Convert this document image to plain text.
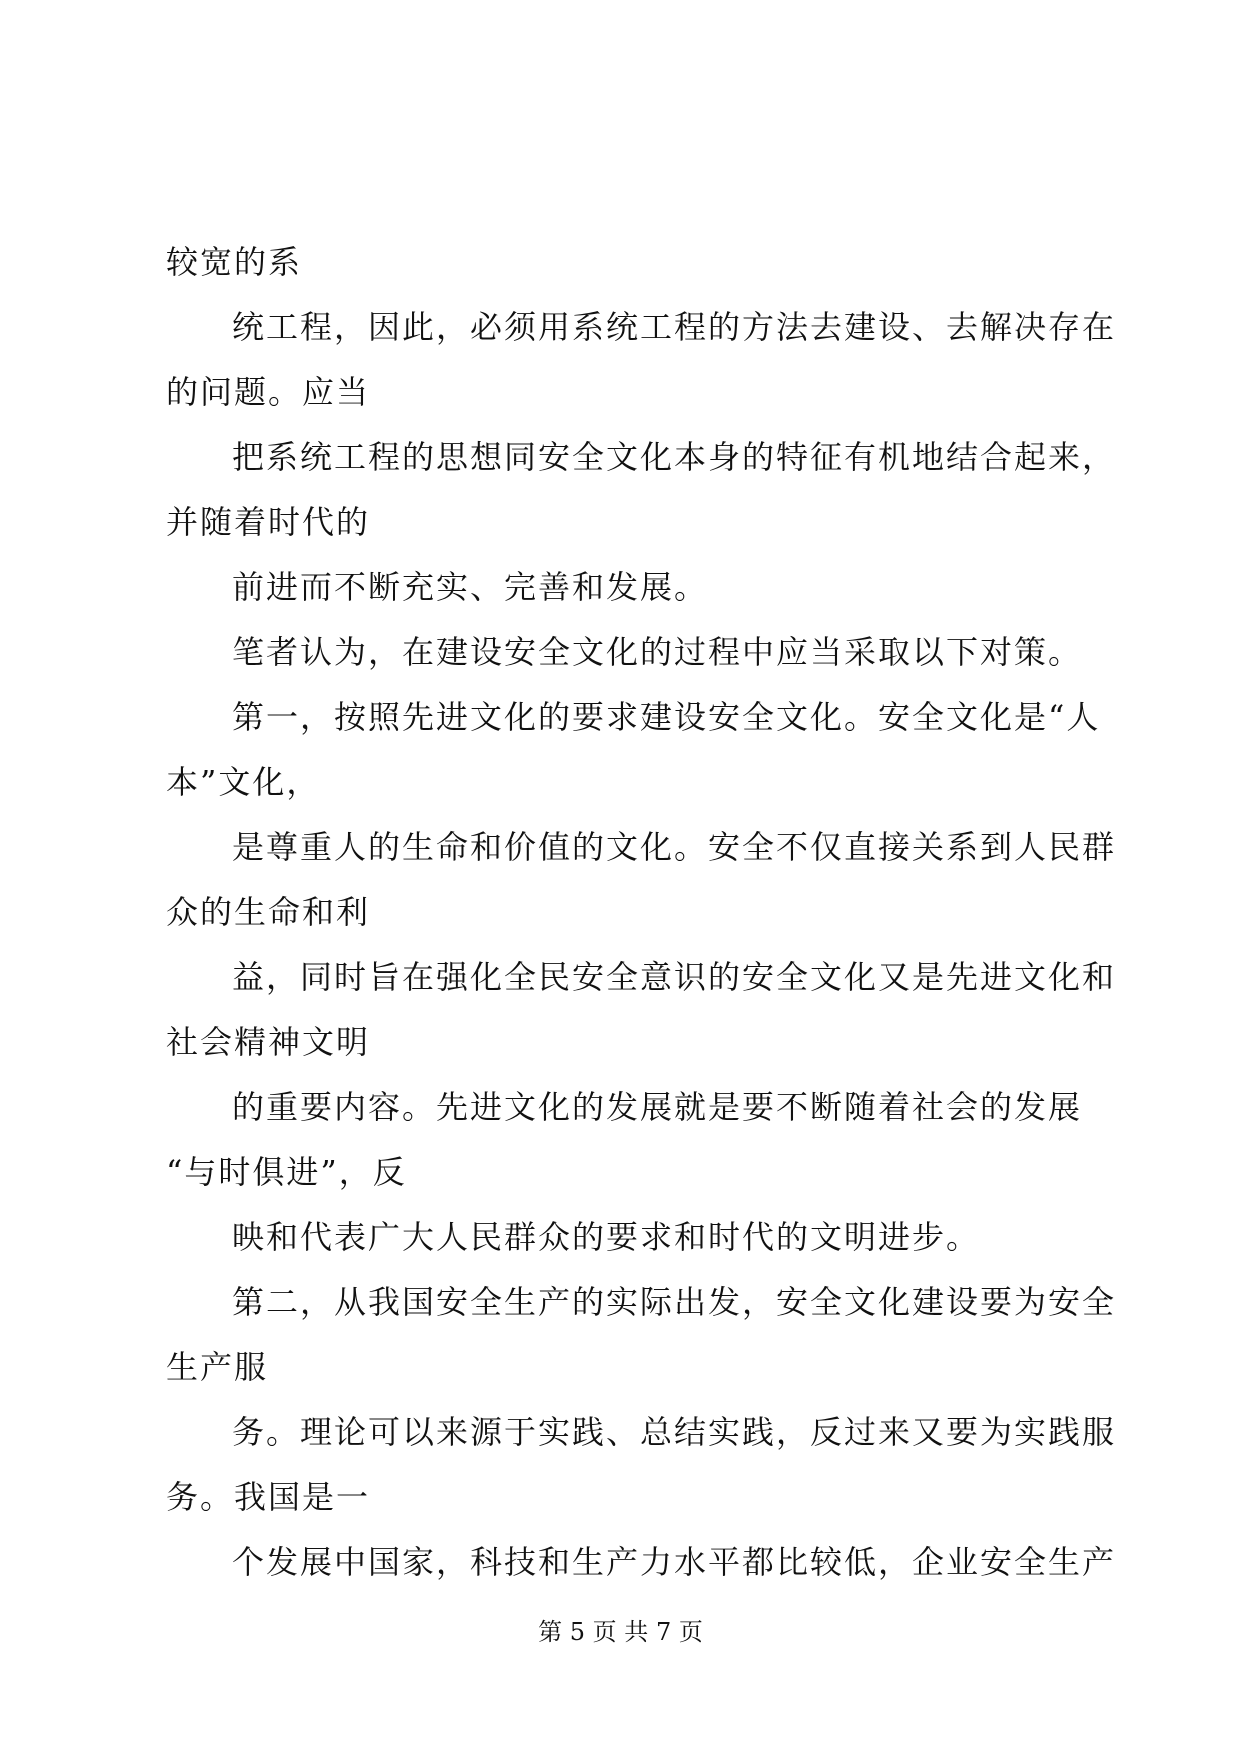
较宽的系
统工程，因此，必须用系统工程的方法去建设、去解决存在
的问题。应当
把系统工程的思想同安全文化本身的特征有机地结合起来，
并随着时代的
前进而不断充实、完善和发展。
笔者认为，在建设安全文化的过程中应当采取以下对策。
第一，按照先进文化的要求建设安全文化。安全文化是“人
本”文化，
是尊重人的生命和价值的文化。安全不仅直接关系到人民群
众的生命和利
益，同时旨在强化全民安全意识的安全文化又是先进文化和
社会精神文明
的重要内容。先进文化的发展就是要不断随着社会的发展
“与时俱进”，反
映和代表广大人民群众的要求和时代的文明进步。
第二，从我国安全生产的实际出发，安全文化建设要为安全
生产服
务。理论可以来源于实践、总结实践，反过来又要为实践服
务。我国是一
个发展中国家，科技和生产力水平都比较低，企业安全生产
第 5 页 共 7 页
